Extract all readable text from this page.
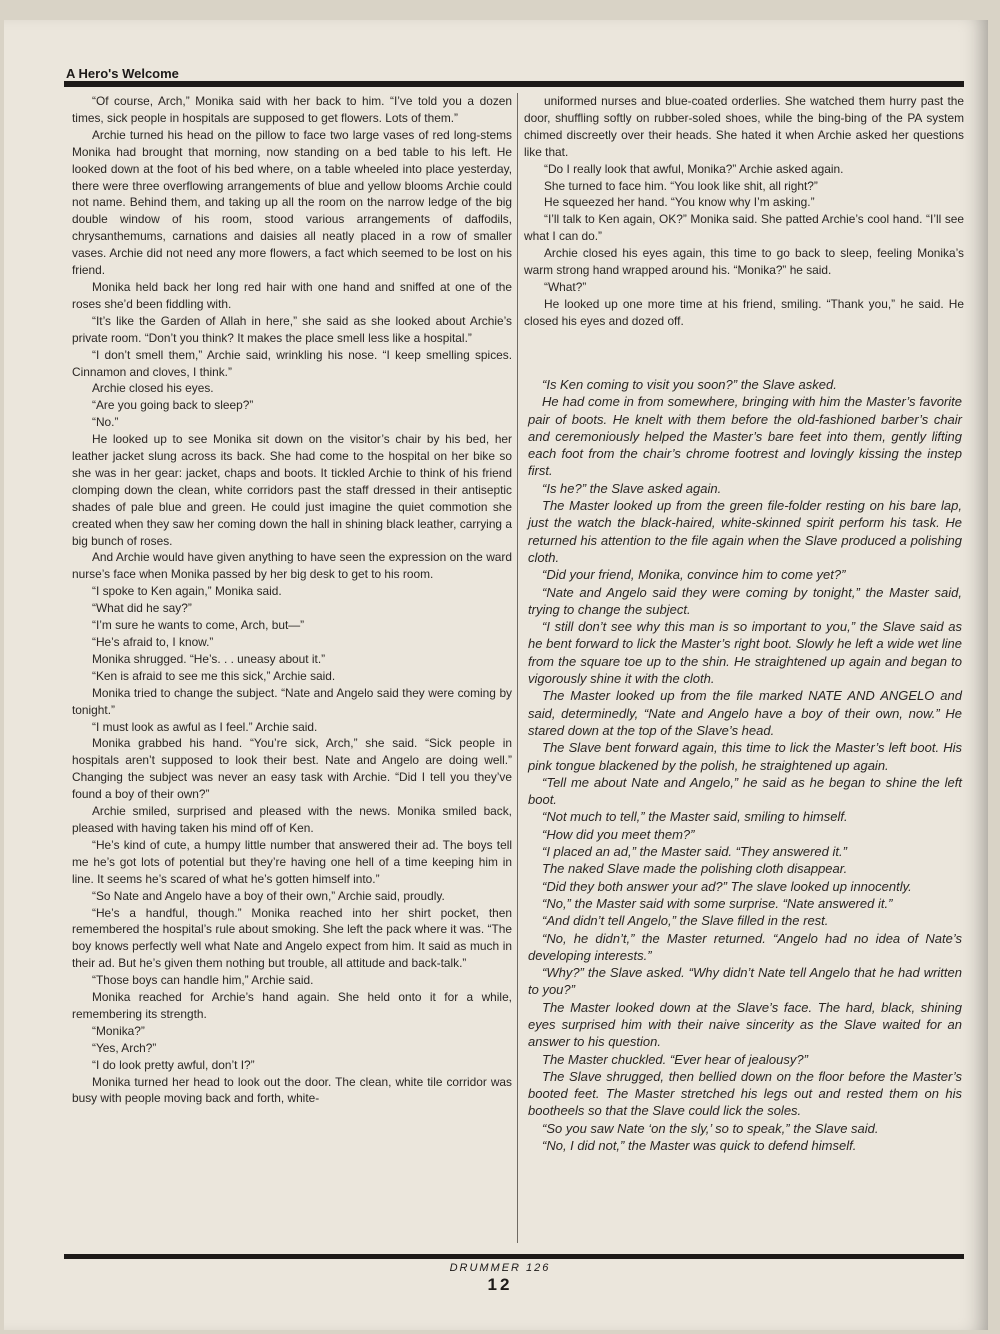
A Hero's Welcome

“Of course, Arch,” Monika said with her back to him. “I’ve told you a dozen times, sick people in hospitals are supposed to get flowers. Lots of them.”

Archie turned his head on the pillow to face two large vases of red long-stems Monika had brought that morning, now standing on a bed table to his left. He looked down at the foot of his bed where, on a table wheeled into place yesterday, there were three overflowing arrangements of blue and yellow blooms Archie could not name. Behind them, and taking up all the room on the narrow ledge of the big double window of his room, stood various arrangements of daffodils, chrysanthemums, carnations and daisies all neatly placed in a row of smaller vases. Archie did not need any more flowers, a fact which seemed to be lost on his friend.

Monika held back her long red hair with one hand and sniffed at one of the roses she’d been fiddling with.

“It’s like the Garden of Allah in here,” she said as she looked about Archie’s private room. “Don’t you think? It makes the place smell less like a hospital.”

“I don’t smell them,” Archie said, wrinkling his nose. “I keep smelling spices. Cinnamon and cloves, I think.”

Archie closed his eyes.

“Are you going back to sleep?”

“No.”

He looked up to see Monika sit down on the visitor’s chair by his bed, her leather jacket slung across its back. She had come to the hospital on her bike so she was in her gear: jacket, chaps and boots. It tickled Archie to think of his friend clomping down the clean, white corridors past the staff dressed in their antiseptic shades of pale blue and green. He could just imagine the quiet commotion she created when they saw her coming down the hall in shining black leather, carrying a big bunch of roses.

And Archie would have given anything to have seen the expression on the ward nurse’s face when Monika passed by her big desk to get to his room.

“I spoke to Ken again,” Monika said.

“What did he say?”

“I’m sure he wants to come, Arch, but—”

“He’s afraid to, I know.”

Monika shrugged. “He’s. . . uneasy about it.”

“Ken is afraid to see me this sick,” Archie said.

Monika tried to change the subject. “Nate and Angelo said they were coming by tonight.”

“I must look as awful as I feel.” Archie said.

Monika grabbed his hand. “You’re sick, Arch,” she said. “Sick people in hospitals aren’t supposed to look their best. Nate and Angelo are doing well.” Changing the subject was never an easy task with Archie. “Did I tell you they’ve found a boy of their own?”

Archie smiled, surprised and pleased with the news. Monika smiled back, pleased with having taken his mind off of Ken.

“He’s kind of cute, a humpy little number that answered their ad. The boys tell me he’s got lots of potential but they’re having one hell of a time keeping him in line. It seems he’s scared of what he’s gotten himself into.”

“So Nate and Angelo have a boy of their own,” Archie said, proudly.

“He’s a handful, though.” Monika reached into her shirt pocket, then remembered the hospital’s rule about smoking. She left the pack where it was. “The boy knows perfectly well what Nate and Angelo expect from him. It said as much in their ad. But he’s given them nothing but trouble, all attitude and back-talk.”

“Those boys can handle him,” Archie said.

Monika reached for Archie’s hand again. She held onto it for a while, remembering its strength.

“Monika?”

“Yes, Arch?”

“I do look pretty awful, don’t I?”

Monika turned her head to look out the door. The clean, white tile corridor was busy with people moving back and forth, white-

uniformed nurses and blue-coated orderlies. She watched them hurry past the door, shuffling softly on rubber-soled shoes, while the bing-bing of the PA system chimed discreetly over their heads. She hated it when Archie asked her questions like that.

“Do I really look that awful, Monika?” Archie asked again.

She turned to face him. “You look like shit, all right?”

He squeezed her hand. “You know why I’m asking.”

“I’ll talk to Ken again, OK?” Monika said. She patted Archie’s cool hand. “I’ll see what I can do.”

Archie closed his eyes again, this time to go back to sleep, feeling Monika’s warm strong hand wrapped around his. “Monika?” he said.

“What?”

He looked up one more time at his friend, smiling. “Thank you,” he said. He closed his eyes and dozed off.

“Is Ken coming to visit you soon?” the Slave asked.

He had come in from somewhere, bringing with him the Master’s favorite pair of boots. He knelt with them before the old-fashioned barber’s chair and ceremoniously helped the Master’s bare feet into them, gently lifting each foot from the chair’s chrome footrest and lovingly kissing the instep first.

“Is he?” the Slave asked again.

The Master looked up from the green file-folder resting on his bare lap, just the watch the black-haired, white-skinned spirit perform his task. He returned his attention to the file again when the Slave produced a polishing cloth.

“Did your friend, Monika, convince him to come yet?”

“Nate and Angelo said they were coming by tonight,” the Master said, trying to change the subject.

“I still don’t see why this man is so important to you,” the Slave said as he bent forward to lick the Master’s right boot. Slowly he left a wide wet line from the square toe up to the shin. He straightened up again and began to vigorously shine it with the cloth.

The Master looked up from the file marked NATE AND ANGELO and said, determinedly, “Nate and Angelo have a boy of their own, now.” He stared down at the top of the Slave’s head.

The Slave bent forward again, this time to lick the Master’s left boot. His pink tongue blackened by the polish, he straightened up again.

“Tell me about Nate and Angelo,” he said as he began to shine the left boot.

“Not much to tell,” the Master said, smiling to himself.

“How did you meet them?”

“I placed an ad,” the Master said. “They answered it.”

The naked Slave made the polishing cloth disappear.

“Did they both answer your ad?” The slave looked up innocently.

“No,” the Master said with some surprise. “Nate answered it.”

“And didn’t tell Angelo,” the Slave filled in the rest.

“No, he didn’t,” the Master returned. “Angelo had no idea of Nate’s developing interests.”

“Why?” the Slave asked. “Why didn’t Nate tell Angelo that he had written to you?”

The Master looked down at the Slave’s face. The hard, black, shining eyes surprised him with their naive sincerity as the Slave waited for an answer to his question.

The Master chuckled. “Ever hear of jealousy?”

The Slave shrugged, then bellied down on the floor before the Master’s booted feet. The Master stretched his legs out and rested them on his bootheels so that the Slave could lick the soles.

“So you saw Nate ‘on the sly,’ so to speak,” the Slave said.

“No, I did not,” the Master was quick to defend himself.

DRUMMER 126
12
